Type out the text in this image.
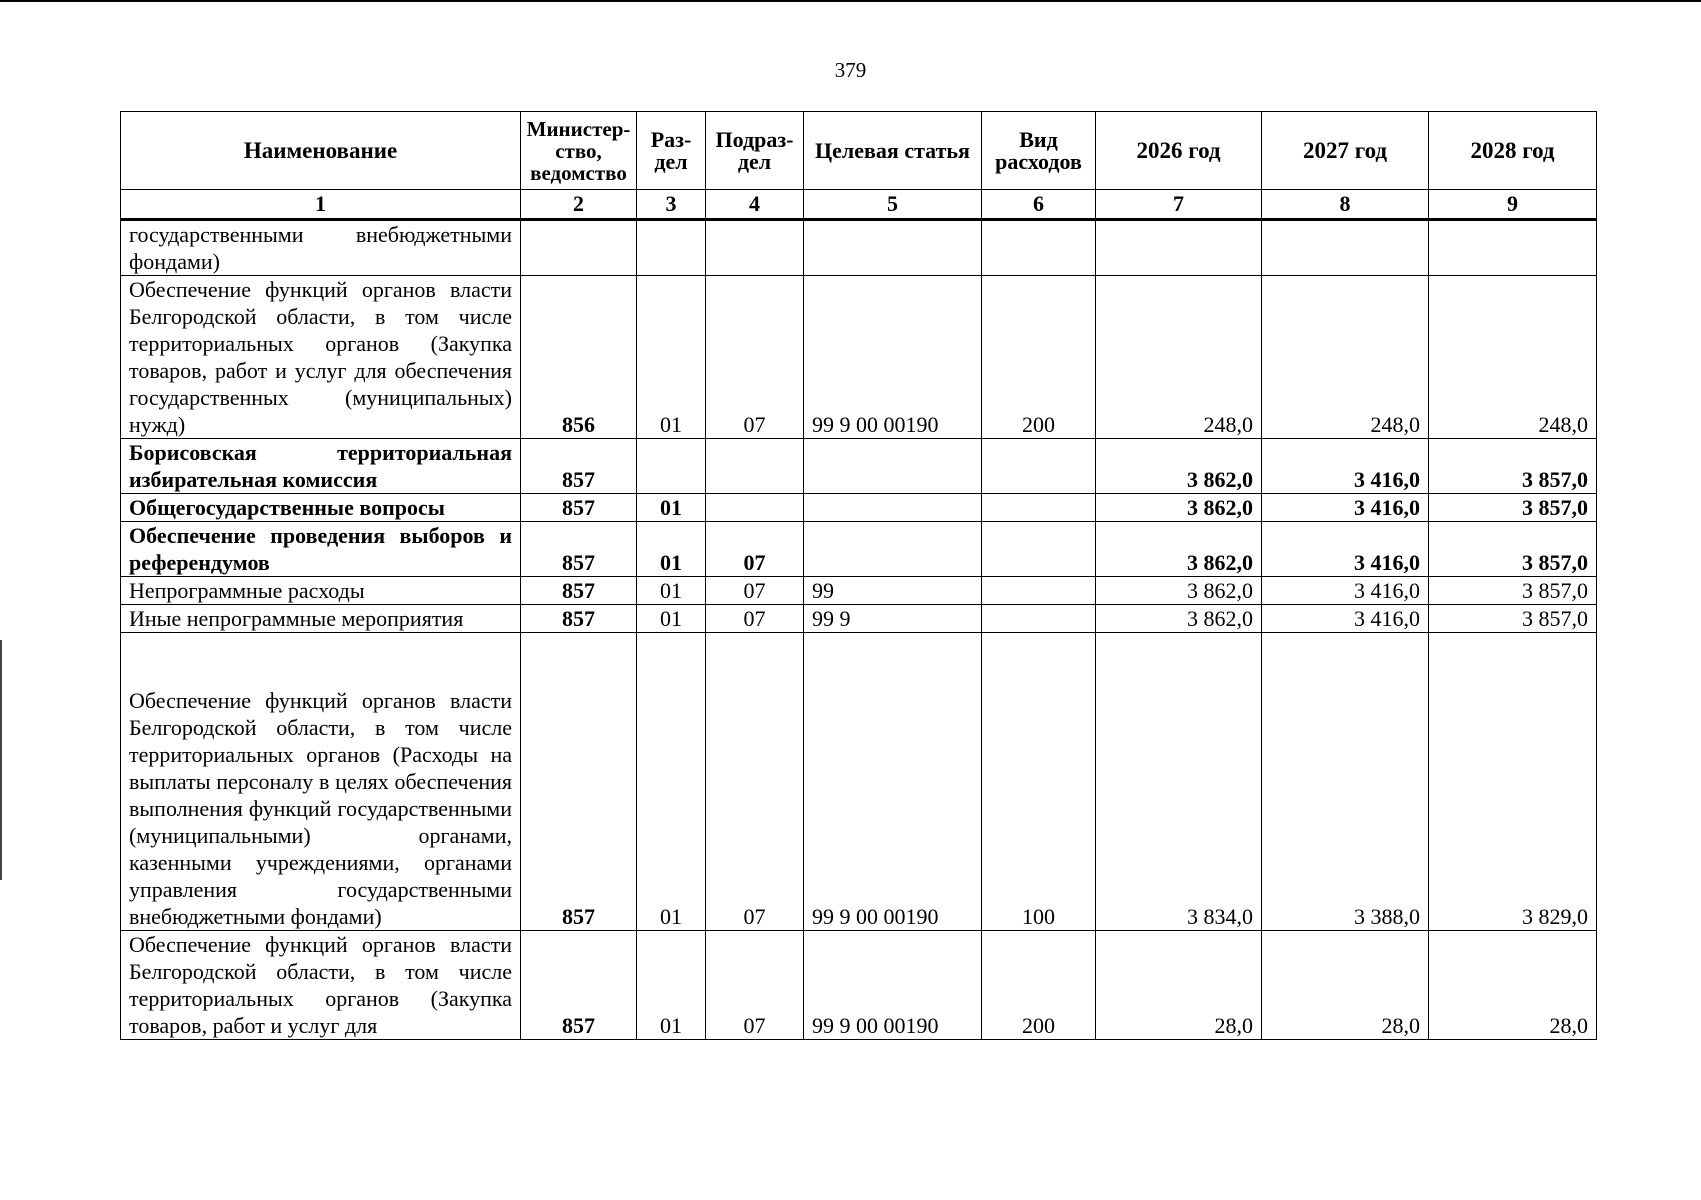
379
Наименование	Министер-ство, ведомство	Раз-дел	Подраз-дел	Целевая статья	Вид расходов	2026 год	2027 год	2028 год
1	2	3	4	5	6	7	8	9
государственными внебюджетными фондами)								
Обеспечение функций органов власти Белгородской области, в том числе территориальных органов (Закупка товаров, работ и услуг для обеспечения государственных (муниципальных) нужд)	856	01	07	99 9 00 00190	200	248,0	248,0	248,0
Борисовская территориальная избирательная комиссия	857					3 862,0	3 416,0	3 857,0
Общегосударственные вопросы	857	01				3 862,0	3 416,0	3 857,0
Обеспечение проведения выборов и референдумов	857	01	07			3 862,0	3 416,0	3 857,0
Непрограммные расходы	857	01	07	99		3 862,0	3 416,0	3 857,0
Иные непрограммные мероприятия	857	01	07	99 9		3 862,0	3 416,0	3 857,0
Обеспечение функций органов власти Белгородской области, в том числе территориальных органов (Расходы на выплаты персоналу в целях обеспечения выполнения функций государственными (муниципальными) органами, казенными учреждениями, органами управления государственными внебюджетными фондами)	857	01	07	99 9 00 00190	100	3 834,0	3 388,0	3 829,0
Обеспечение функций органов власти Белгородской области, в том числе территориальных органов (Закупка товаров, работ и услуг для	857	01	07	99 9 00 00190	200	28,0	28,0	28,0
